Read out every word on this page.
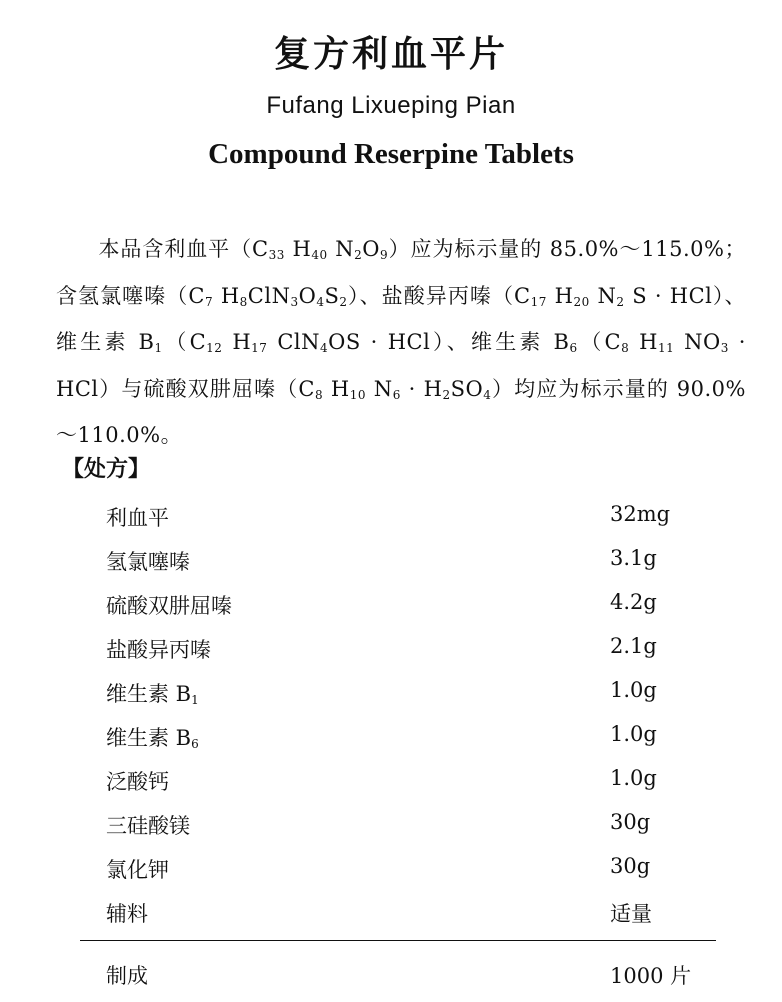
复方利血平片
Fufang Lixueping Pian
Compound Reserpine Tablets
本品含利血平（$C_{33}$ $H_{40}$ $N_2O_9$）应为标示量的 85.0%～115.0%；含氢氯噻嗪（$C_7$ $H_8ClN_3O_4S_2$）、盐酸异丙嗪（$C_{17}$ $H_{20}$ $N_2$ S · HCl）、维生素 $B_1(C_{12}$ $H_{17}$ ClN$_4$OS · HCl）、维生素 $B_6(C_8$ $H_{11}$ $NO_3 \cdot HCl$）与硫酸双肼屈嗪（$C_8$ $H_{10}$ $N_6 \cdot H_2SO_4$）均应为标示量的 90.0%～110.0%。
【处方】
利血平	32mg
氢氯噻嗪	3.1g
硫酸双肼屈嗪	4.2g
盐酸异丙嗪	2.1g
维生素 $B_1$	1.0g
维生素 $B_6$	1.0g
泛酸钙	1.0g
三硅酸镁	30g
氯化钾	30g
辅料	适量
制成	1000 片
